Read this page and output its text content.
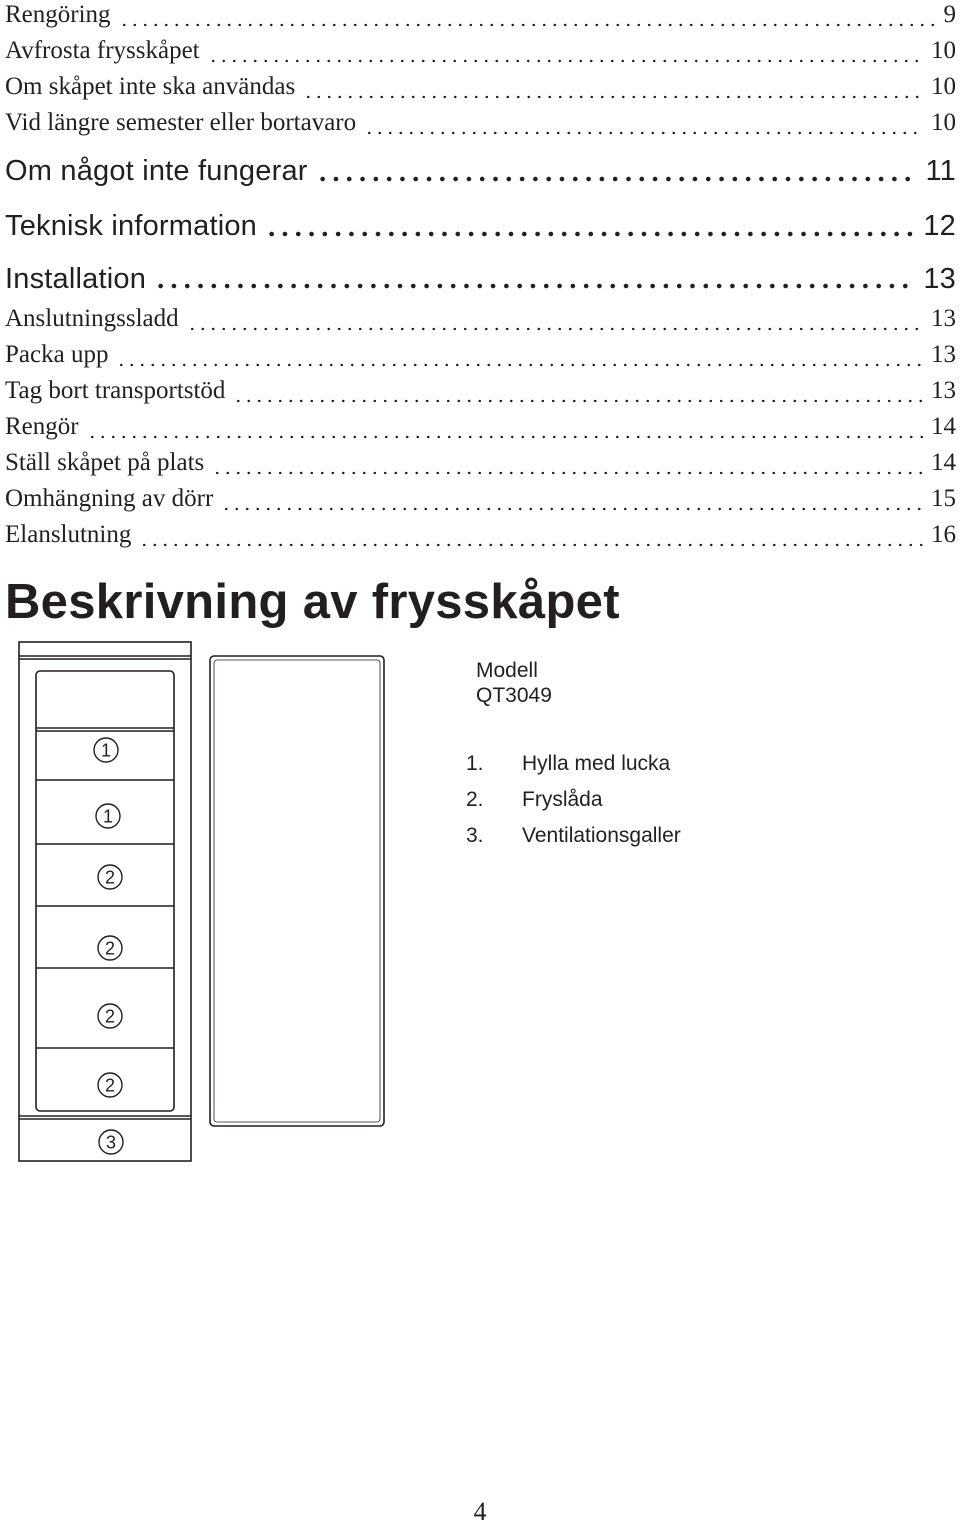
Rengöring	9
Avfrosta frysskåpet	10
Om skåpet inte ska användas	10
Vid längre semester eller bortavaro	10
Om något inte fungerar	11
Teknisk information	12
Installation	13
Anslutningssladd	13
Packa upp	13
Tag bort transportstöd	13
Rengör	14
Ställ skåpet på plats	14
Omhängning av dörr	15
Elanslutning	16
Beskrivning av frysskåpet
1
1
2
2
2
2
3
Modell
QT3049
1.	Hylla med lucka
2.	Fryslåda
3.	Ventilationsgaller
4
